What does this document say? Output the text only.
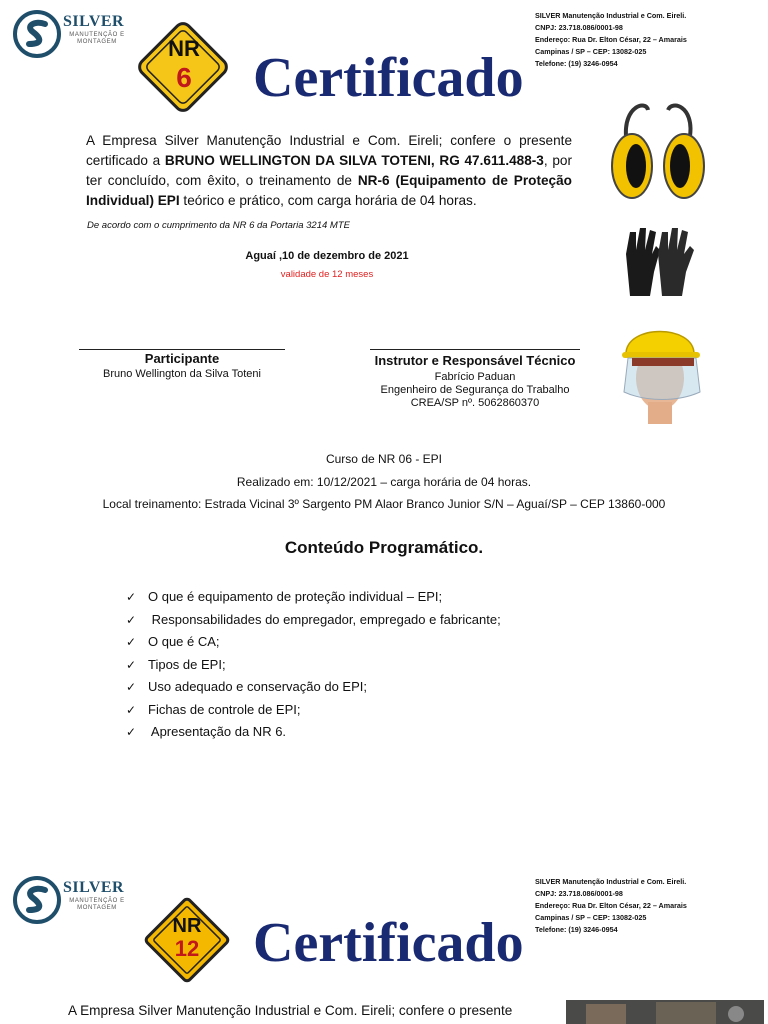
SILVER
MANUTENÇÃO E MONTAGEM
SILVER Manutenção Industrial e Com. Eireli.
CNPJ: 23.718.086/0001-98
Endereço: Rua Dr. Elton César, 22 – Amarais
Campinas / SP – CEP: 13082-025
Telefone: (19) 3246-0954
NR
6	Certificado
A Empresa Silver Manutenção Industrial e Com. Eireli; confere o presente certificado a BRUNO WELLINGTON DA SILVA TOTENI, RG 47.611.488-3, por ter concluído, com êxito, o treinamento de NR-6 (Equipamento de Proteção Individual) EPI teórico e prático, com carga horária de 04 horas.
De acordo com o cumprimento da NR 6 da Portaria 3214 MTE
Aguaí ,10 de dezembro de 2021
validade de 12 meses
Participante
Bruno Wellington da Silva Toteni
Instrutor e Responsável Técnico
Fabrício Paduan
Engenheiro de Segurança do Trabalho
CREA/SP nº. 5062860370
Curso de NR 06 - EPI
Realizado em: 10/12/2021 – carga horária de 04 horas.
Local treinamento: Estrada Vicinal 3º Sargento PM Alaor Branco Junior S/N – Aguaí/SP – CEP 13860-000
Conteúdo Programático.
✓ O que é equipamento de proteção individual – EPI;
✓ Responsabilidades do empregador, empregado e fabricante;
✓ O que é CA;
✓ Tipos de EPI;
✓ Uso adequado e conservação do EPI;
✓ Fichas de controle de EPI;
✓ Apresentação da NR 6.
SILVER
MANUTENÇÃO E MONTAGEM
SILVER Manutenção Industrial e Com. Eireli.
CNPJ: 23.718.086/0001-98
Endereço: Rua Dr. Elton César, 22 – Amarais
Campinas / SP – CEP: 13082-025
Telefone: (19) 3246-0954
NR
12 Certificado
A Empresa Silver Manutenção Industrial e Com. Eireli; confere o presente
